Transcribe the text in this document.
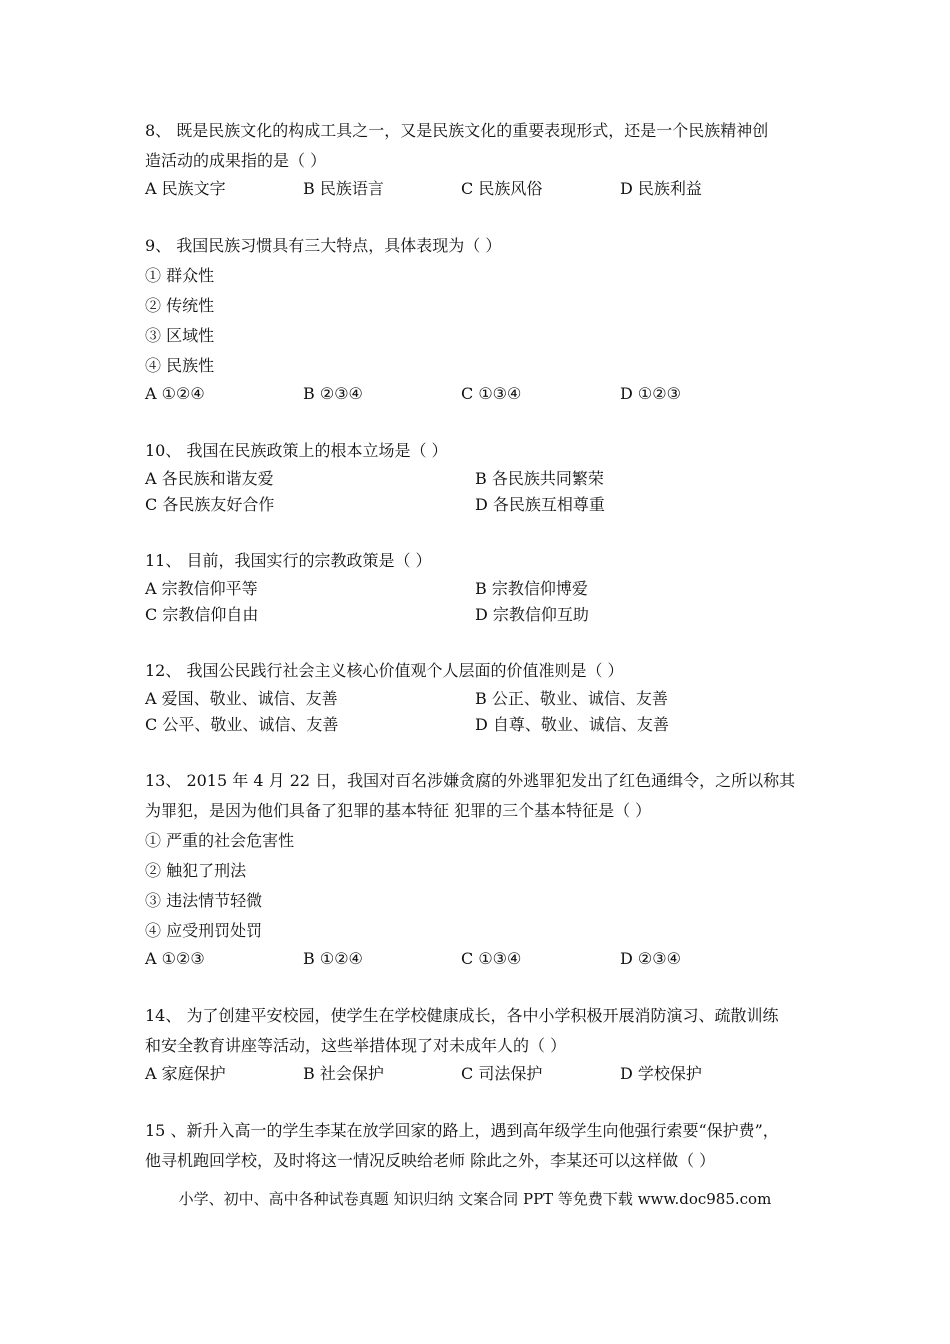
8、 既是民族文化的构成工具之一，又是民族文化的重要表现形式，还是一个民族精神创
造活动的成果指的是（ ）
A 民族文字	B 民族语言	C 民族风俗	D 民族利益
9、 我国民族习惯具有三大特点，具体表现为（ ）
① 群众性
② 传统性
③ 区域性
④ 民族性
A ①②④	B ②③④	C ①③④	D ①②③
10、 我国在民族政策上的根本立场是（ ）
A 各民族和谐友爱	B 各民族共同繁荣
C 各民族友好合作	D 各民族互相尊重
11、 目前，我国实行的宗教政策是（ ）
A 宗教信仰平等	B 宗教信仰博爱
C 宗教信仰自由	D 宗教信仰互助
12、 我国公民践行社会主义核心价值观个人层面的价值准则是（ ）
A 爱国、敬业、诚信、友善	B 公正、敬业、诚信、友善
C 公平、敬业、诚信、友善	D 自尊、敬业、诚信、友善
13、 2015 年 4 月 22 日，我国对百名涉嫌贪腐的外逃罪犯发出了红色通缉令，之所以称其
为罪犯，是因为他们具备了犯罪的基本特征 犯罪的三个基本特征是（ ）
① 严重的社会危害性
② 触犯了刑法
③ 违法情节轻微
④ 应受刑罚处罚
A ①②③	B ①②④	C ①③④	D ②③④
14、 为了创建平安校园，使学生在学校健康成长，各中小学积极开展消防演习、疏散训练
和安全教育讲座等活动，这些举措体现了对未成年人的（ ）
A 家庭保护	B 社会保护	C 司法保护	D 学校保护
15 、新升入高一的学生李某在放学回家的路上，遇到高年级学生向他强行索要“保护费”，
他寻机跑回学校，及时将这一情况反映给老师 除此之外，李某还可以这样做（ ）
小学、初中、高中各种试卷真题 知识归纳 文案合同 PPT 等免费下载 www.doc985.com
